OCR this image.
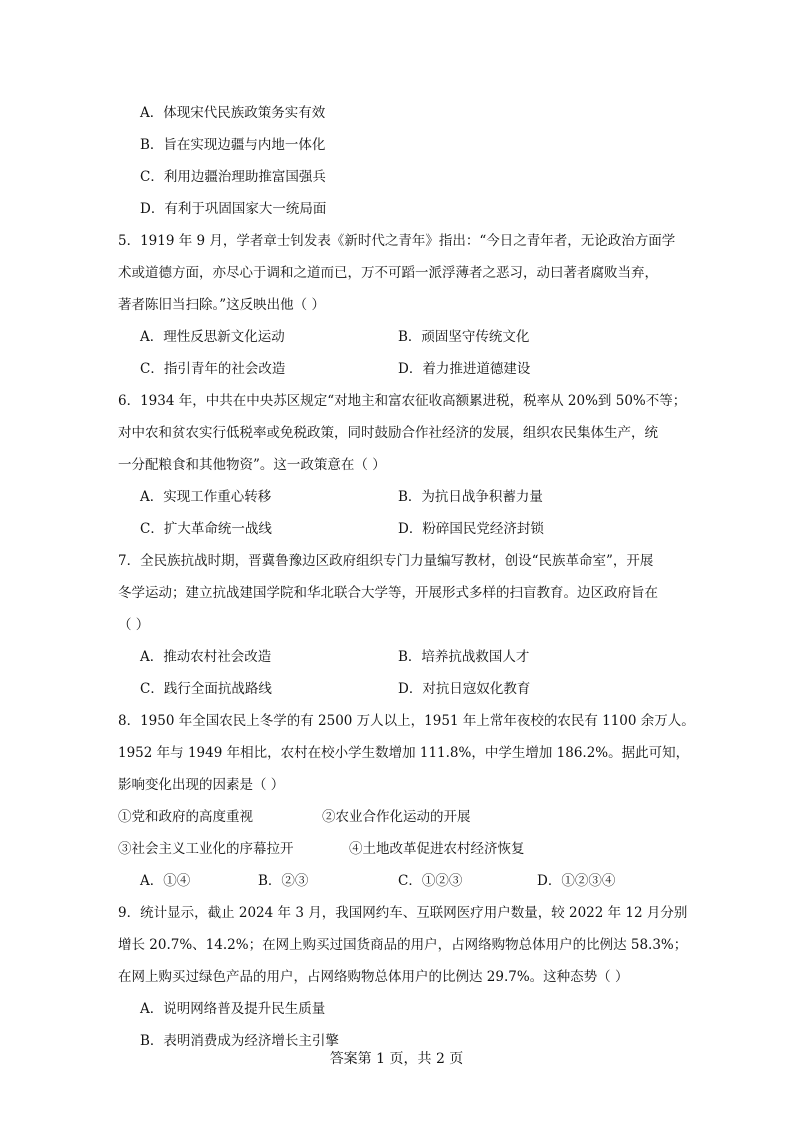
A．体现宋代民族政策务实有效
B．旨在实现边疆与内地一体化
C．利用边疆治理助推富国强兵
D．有利于巩固国家大一统局面
5．1919 年 9 月，学者章士钊发表《新时代之青年》指出：“今日之青年者，无论政治方面学
术或道德方面，亦尽心于调和之道而已，万不可蹈一派浮薄者之恶习，动曰著者腐败当弃，
著者陈旧当扫除。”这反映出他（ ）
A．理性反思新文化运动	B．顽固坚守传统文化
C．指引青年的社会改造	D．着力推进道德建设
6．1934 年，中共在中央苏区规定“对地主和富农征收高额累进税，税率从 20%到 50%不等；
对中农和贫农实行低税率或免税政策，同时鼓励合作社经济的发展，组织农民集体生产，统
一分配粮食和其他物资”。这一政策意在（ ）
A．实现工作重心转移	B．为抗日战争积蓄力量
C．扩大革命统一战线	D．粉碎国民党经济封锁
7．全民族抗战时期，晋冀鲁豫边区政府组织专门力量编写教材，创设“民族革命室”，开展
冬学运动；建立抗战建国学院和华北联合大学等，开展形式多样的扫盲教育。边区政府旨在
（ ）
A．推动农村社会改造	B．培养抗战救国人才
C．践行全面抗战路线	D．对抗日寇奴化教育
8．1950 年全国农民上冬学的有 2500 万人以上，1951 年上常年夜校的农民有 1100 余万人。
1952 年与 1949 年相比，农村在校小学生数增加 111.8%，中学生增加 186.2%。据此可知，
影响变化出现的因素是（ ）
①党和政府的高度重视	②农业合作化运动的开展
③社会主义工业化的序幕拉开	④土地改革促进农村经济恢复
A．①④	B．②③	C．①②③	D．①②③④
9．统计显示，截止 2024 年 3 月，我国网约车、互联网医疗用户数量，较 2022 年 12 月分别
增长 20.7%、14.2%；在网上购买过国货商品的用户，占网络购物总体用户的比例达 58.3%；
在网上购买过绿色产品的用户，占网络购物总体用户的比例达 29.7%。这种态势（ ）
A．说明网络普及提升民生质量
B．表明消费成为经济增长主引擎
答案第 1 页，共 2 页
